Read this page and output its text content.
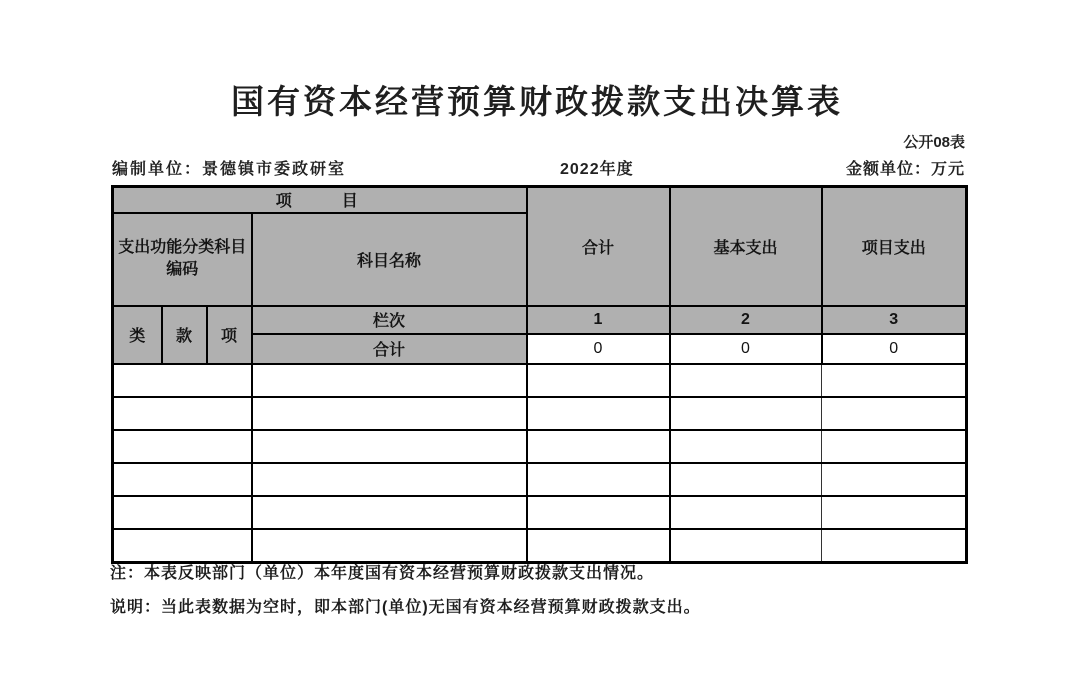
国有资本经营预算财政拨款支出决算表
公开08表
编制单位：景德镇市委政研室	2022年度	金额单位：万元
项　　目				合计	基本支出	项目支出
支出功能分类科目编码			科目名称			
类	款	项	栏次	1	2	3
			合计	0	0	0

注：本表反映部门（单位）本年度国有资本经营预算财政拨款支出情况。
说明：当此表数据为空时，即本部门(单位)无国有资本经营预算财政拨款支出。
